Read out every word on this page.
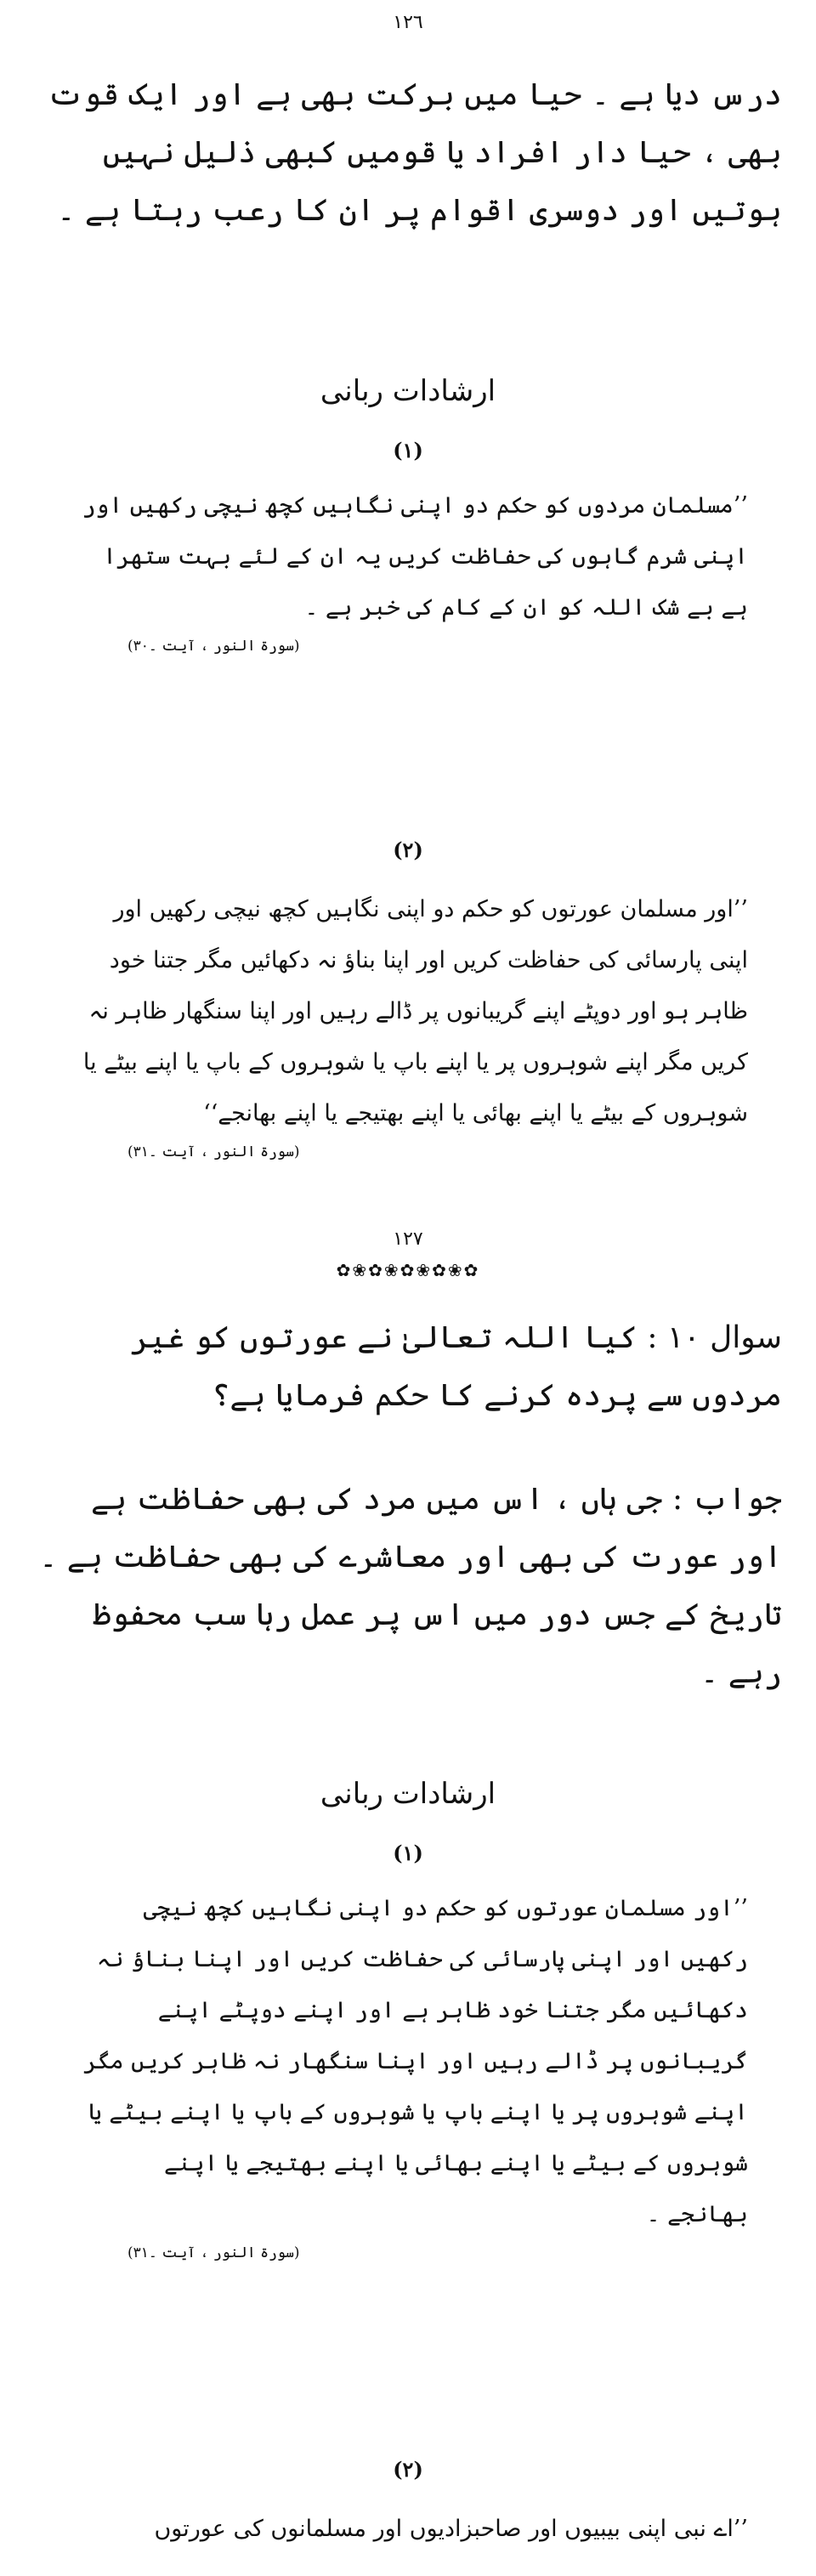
١٢٦
درس دیا ہے ۔ حیا میں برکت بھی ہے اور ایک قوت بھی ، حیا دار افراد یا قومیں کبھی ذلیل نہیں ہوتیں اور دوسری اقوام پر ان کا رعب رہتا ہے ۔
ارشادات ربانی
(١)
’’مسلمان مردوں کو حکم دو اپنی نگاہیں کچھ نیچی رکھیں اور اپنی شرم گاہوں کی حفاظت کریں یہ ان کے لئے بہت ستھرا ہے بے شک اللہ کو ان کے کام کی خبر ہے ۔
(سورۃ النور ، آیت ۔٣٠)
(٢)
’’اور مسلمان عورتوں کو حکم دو اپنی نگاہیں کچھ نیچی رکھیں اور اپنی پارسائی کی حفاظت کریں اور اپنا بناؤ نہ دکھائیں مگر جتنا خود ظاہر ہو اور دوپٹے اپنے گریبانوں پر ڈالے رہیں اور اپنا سنگھار ظاہر نہ کریں مگر اپنے شوہروں پر یا اپنے باپ یا شوہروں کے باپ یا اپنے بیٹے یا شوہروں کے بیٹے یا اپنے بھائی یا اپنے بھتیجے یا اپنے بھانجے‘‘
(سورۃ النور ، آیت ۔٣١)
١٢٧
✿❀✿❀✿❀✿❀✿
سوال ١٠ : کیا اللہ تعالیٰ نے عورتوں کو غیر مردوں سے پردہ کرنے کا حکم فرمایا ہے؟
جواب : جی ہاں ، اس میں مرد کی بھی حفاظت ہے اور عورت کی بھی اور معاشرے کی بھی حفاظت ہے ۔ تاریخ کے جس دور میں اس پر عمل رہا سب محفوظ رہے ۔
ارشادات ربانی
(١)
’’اور مسلمان عورتوں کو حکم دو اپنی نگاہیں کچھ نیچی رکھیں اور اپنی پارسائی کی حفاظت کریں اور اپنا بناؤ نہ دکھائیں مگر جتنا خود ظاہر ہے اور اپنے دوپٹے اپنے گریبانوں پر ڈالے رہیں اور اپنا سنگھار نہ ظاہر کریں مگر اپنے شوہروں پر یا اپنے باپ یا شوہروں کے باپ یا اپنے بیٹے یا شوہروں کے بیٹے یا اپنے بھائی یا اپنے بھتیجے یا اپنے بھانجے ۔
(سورۃ النور ، آیت ۔٣١)
(٢)
’’اے نبی اپنی بیبیوں اور صاحبزادیوں اور مسلمانوں کی عورتوں
